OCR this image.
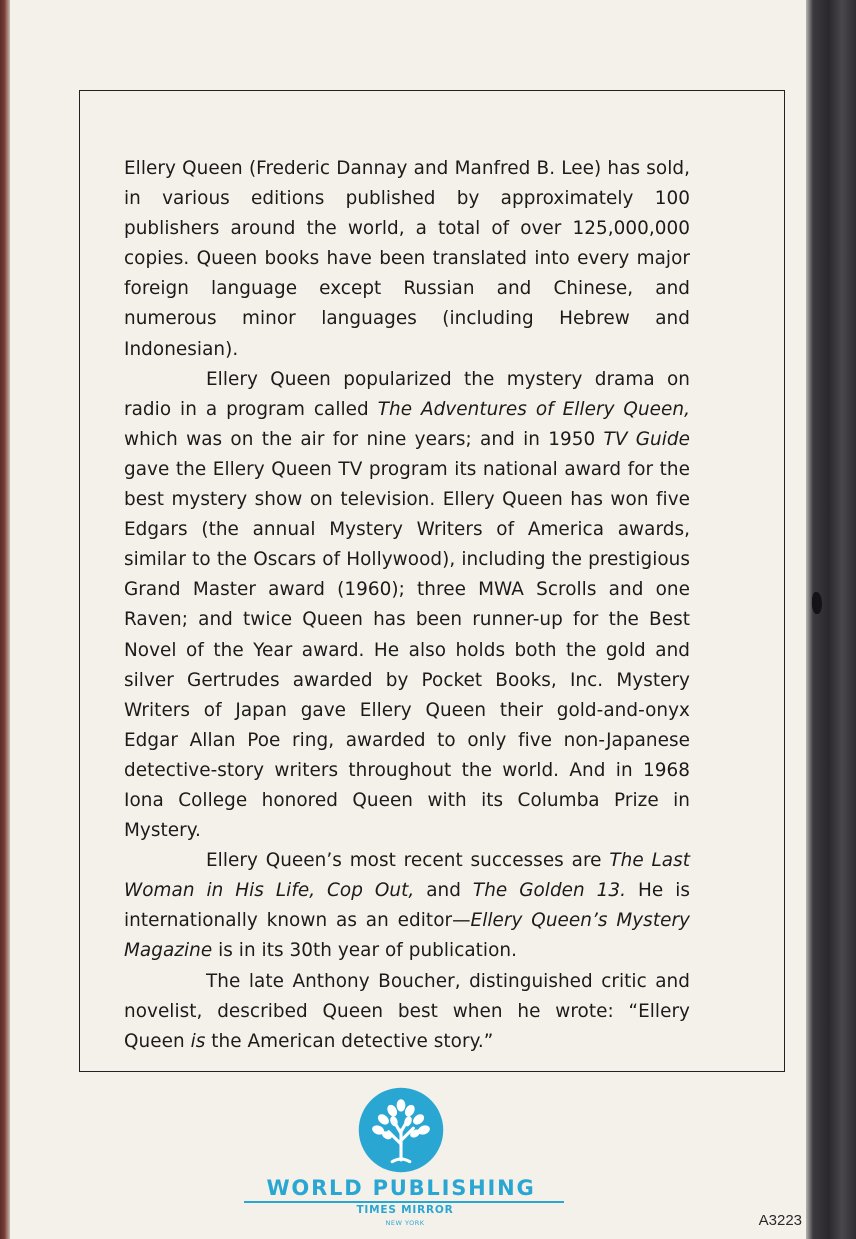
Ellery Queen (Frederic Dannay and Manfred B. Lee) has sold, in various editions published by approximately 100 publishers around the world, a total of over 125,000,000 copies. Queen books have been translated into every major foreign language except Russian and Chinese, and numerous minor languages (including Hebrew and Indonesian).

Ellery Queen popularized the mystery drama on radio in a program called The Adventures of Ellery Queen, which was on the air for nine years; and in 1950 TV Guide gave the Ellery Queen TV program its national award for the best mystery show on television. Ellery Queen has won five Edgars (the annual Mystery Writers of America awards, similar to the Oscars of Hollywood), including the prestigious Grand Master award (1960); three MWA Scrolls and one Raven; and twice Queen has been runner-up for the Best Novel of the Year award. He also holds both the gold and silver Gertrudes awarded by Pocket Books, Inc. Mystery Writers of Japan gave Ellery Queen their gold-and-onyx Edgar Allan Poe ring, awarded to only five non-Japanese detective-story writers throughout the world. And in 1968 Iona College honored Queen with its Columba Prize in Mystery.

Ellery Queen’s most recent successes are The Last Woman in His Life, Cop Out, and The Golden 13. He is internationally known as an editor—Ellery Queen’s Mystery Magazine is in its 30th year of publication.

The late Anthony Boucher, distinguished critic and novelist, described Queen best when he wrote: “Ellery Queen is the American detective story.”

WORLD PUBLISHING
TIMES MIRROR
NEW YORK	A3223
